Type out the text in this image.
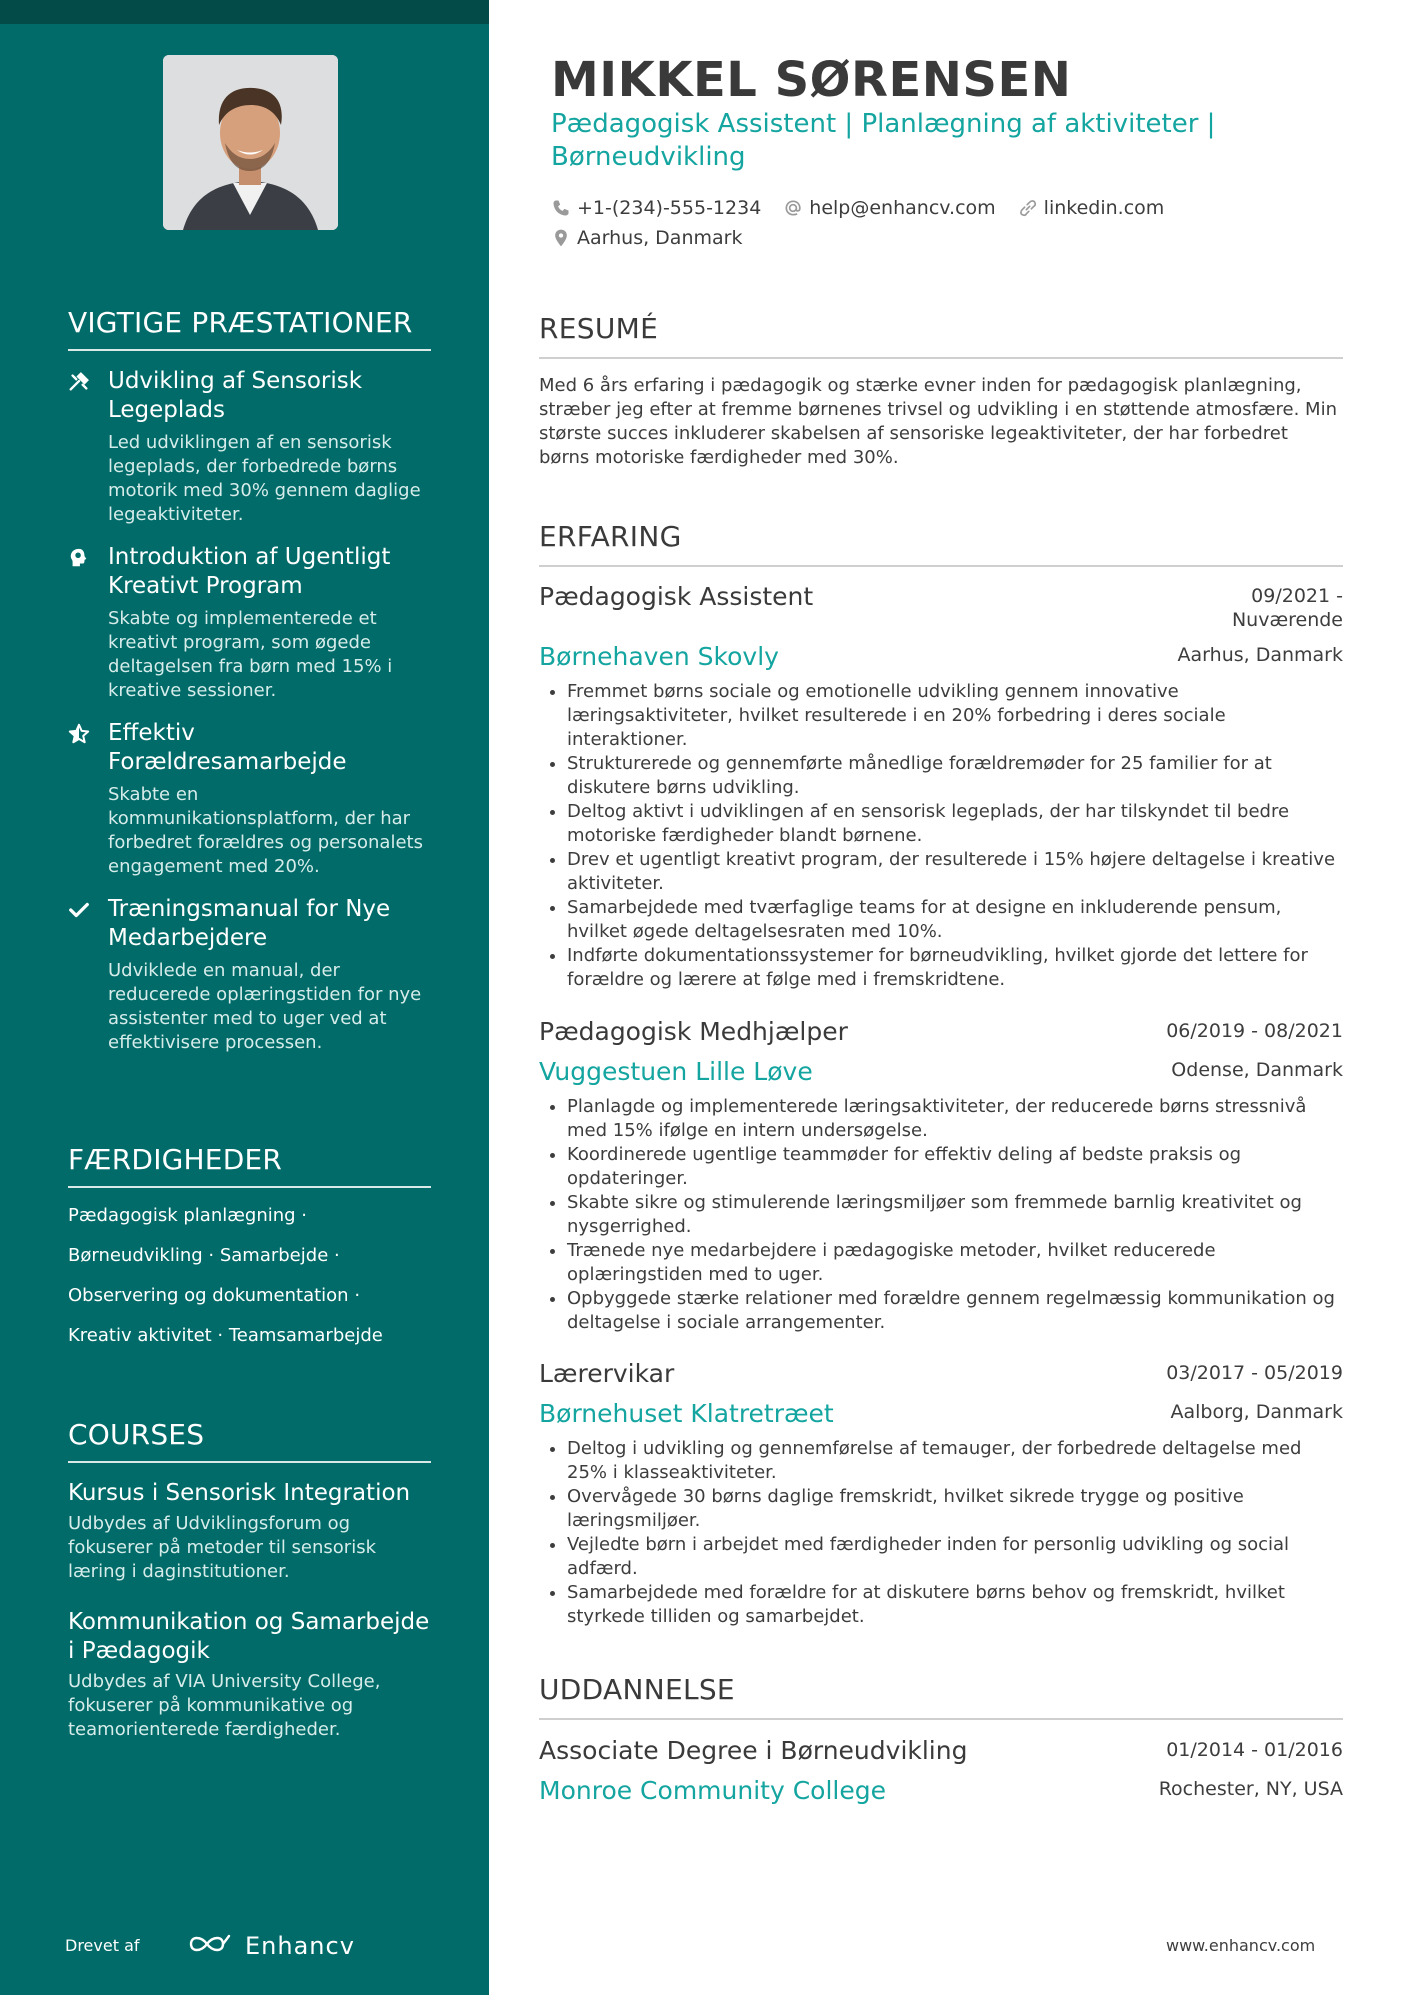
VIGTIGE PRÆSTATIONER
Udvikling af Sensorisk Legeplads
Led udviklingen af en sensorisk legeplads, der forbedrede børns motorik med 30% gennem daglige legeaktiviteter.
Introduktion af Ugentligt Kreativt Program
Skabte og implementerede et kreativt program, som øgede deltagelsen fra børn med 15% i kreative sessioner.
Effektiv Forældresamarbejde
Skabte en kommunikationsplatform, der har forbedret forældres og personalets engagement med 20%.
Træningsmanual for Nye Medarbejdere
Udviklede en manual, der reducerede oplæringstiden for nye assistenter med to uger ved at effektivisere processen.
FÆRDIGHEDER
Pædagogisk planlægning ·
Børneudvikling · Samarbejde ·
Observering og dokumentation ·
Kreativ aktivitet · Teamsamarbejde
COURSES
Kursus i Sensorisk Integration
Udbydes af Udviklingsforum og fokuserer på metoder til sensorisk læring i daginstitutioner.
Kommunikation og Samarbejde i Pædagogik
Udbydes af VIA University College, fokuserer på kommunikative og teamorienterede færdigheder.
Drevet af	Enhancv
MIKKEL SØRENSEN
Pædagogisk Assistent | Planlægning af aktiviteter | Børneudvikling
+1-(234)-555-1234	help@enhancv.com	linkedin.com
Aarhus, Danmark
RESUMÉ
Med 6 års erfaring i pædagogik og stærke evner inden for pædagogisk planlægning, stræber jeg efter at fremme børnenes trivsel og udvikling i en støttende atmosfære. Min største succes inkluderer skabelsen af sensoriske legeaktiviteter, der har forbedret børns motoriske færdigheder med 30%.
ERFARING
Pædagogisk Assistent	09/2021 -
Nuværende
Børnehaven Skovly	Aarhus, Danmark
• Fremmet børns sociale og emotionelle udvikling gennem innovative læringsaktiviteter, hvilket resulterede i en 20% forbedring i deres sociale interaktioner.
• Strukturerede og gennemførte månedlige forældremøder for 25 familier for at diskutere børns udvikling.
• Deltog aktivt i udviklingen af en sensorisk legeplads, der har tilskyndet til bedre motoriske færdigheder blandt børnene.
• Drev et ugentligt kreativt program, der resulterede i 15% højere deltagelse i kreative aktiviteter.
• Samarbejdede med tværfaglige teams for at designe en inkluderende pensum, hvilket øgede deltagelsesraten med 10%.
• Indførte dokumentationssystemer for børneudvikling, hvilket gjorde det lettere for forældre og lærere at følge med i fremskridtene.
Pædagogisk Medhjælper	06/2019 - 08/2021
Vuggestuen Lille Løve	Odense, Danmark
• Planlagde og implementerede læringsaktiviteter, der reducerede børns stressnivå med 15% ifølge en intern undersøgelse.
• Koordinerede ugentlige teammøder for effektiv deling af bedste praksis og opdateringer.
• Skabte sikre og stimulerende læringsmiljøer som fremmede barnlig kreativitet og nysgerrighed.
• Trænede nye medarbejdere i pædagogiske metoder, hvilket reducerede oplæringstiden med to uger.
• Opbyggede stærke relationer med forældre gennem regelmæssig kommunikation og deltagelse i sociale arrangementer.
Lærervikar	03/2017 - 05/2019
Børnehuset Klatretræet	Aalborg, Danmark
• Deltog i udvikling og gennemførelse af temauger, der forbedrede deltagelse med 25% i klasseaktiviteter.
• Overvågede 30 børns daglige fremskridt, hvilket sikrede trygge og positive læringsmiljøer.
• Vejledte børn i arbejdet med færdigheder inden for personlig udvikling og social adfærd.
• Samarbejdede med forældre for at diskutere børns behov og fremskridt, hvilket styrkede tilliden og samarbejdet.
UDDANNELSE
Associate Degree i Børneudvikling	01/2014 - 01/2016
Monroe Community College	Rochester, NY, USA
www.enhancv.com
